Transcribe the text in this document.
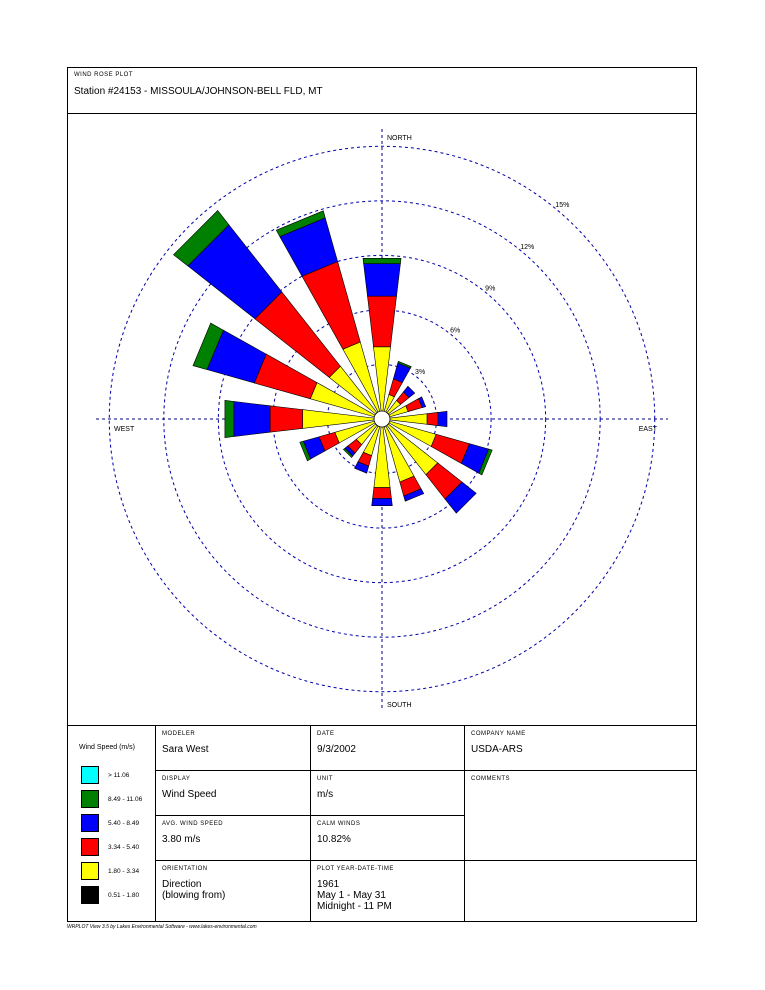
WIND ROSE PLOT
Station #24153 - MISSOULA/JOHNSON-BELL FLD, MT
3%
6%
9%
12%
15%
NORTH
SOUTH
WEST	EAST
Wind Speed (m/s)
> 11.06
8.49 - 11.06
5.40 - 8.49
3.34 - 5.40
1.80 - 3.34
0.51 - 1.80
MODELER
Sara West
DATE
9/3/2002
COMPANY NAME
USDA-ARS
DISPLAY
Wind Speed
UNIT
m/s
COMMENTS
AVG. WIND SPEED
3.80 m/s
CALM WINDS
10.82%
ORIENTATION
Direction
(blowing from)
PLOT YEAR-DATE-TIME
1961
May 1 - May 31
Midnight - 11 PM
WRPLOT View 3.5 by Lakes Environmental Software - www.lakes-environmental.com
